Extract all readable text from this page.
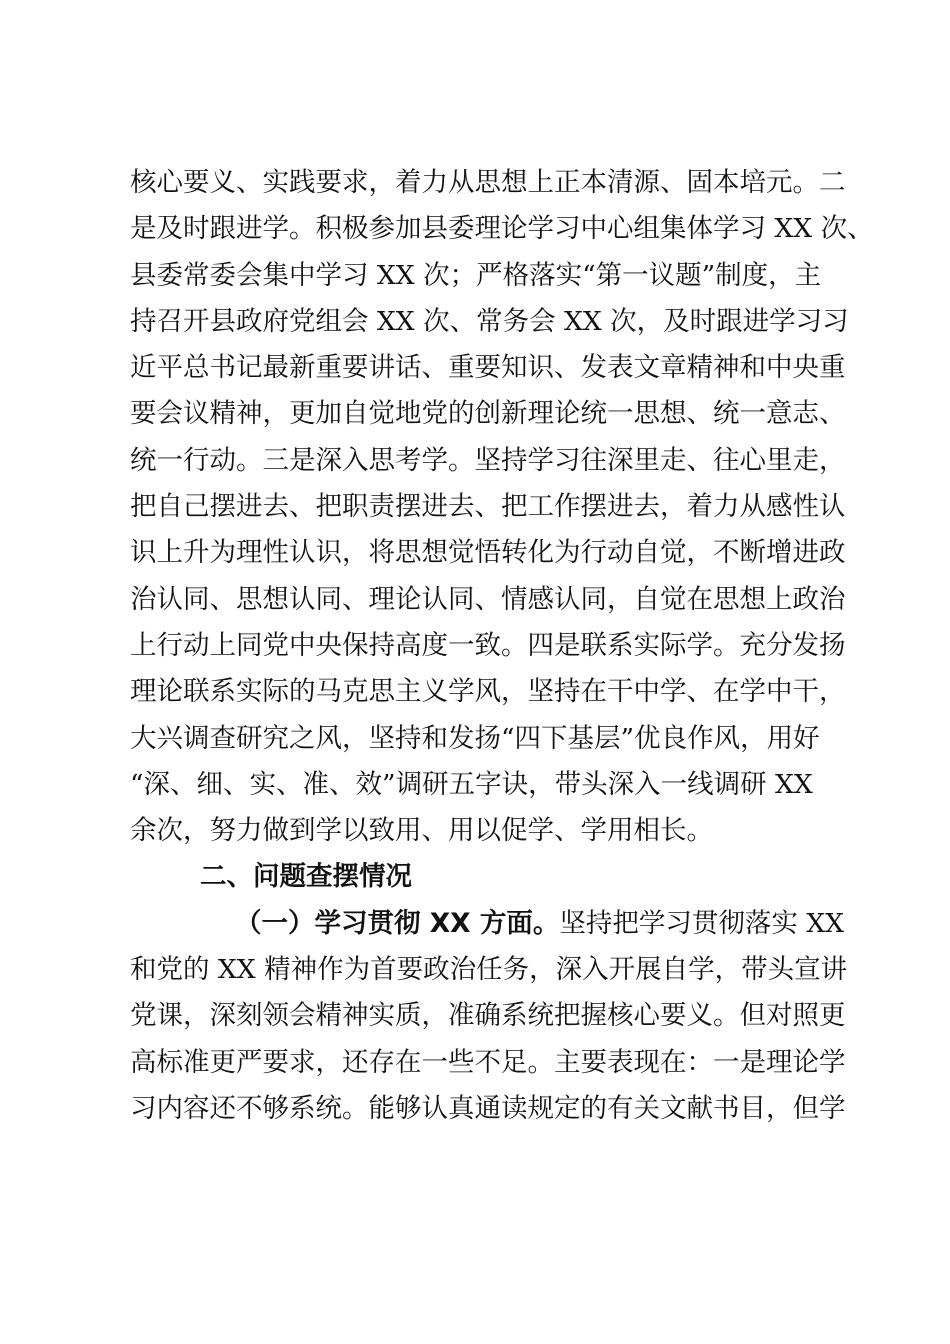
核心要义、实践要求，着力从思想上正本清源、固本培元。二
是及时跟进学。积极参加县委理论学习中心组集体学习 XX 次、
县委常委会集中学习 XX 次；严格落实“第一议题”制度，主
持召开县政府党组会 XX 次、常务会 XX 次，及时跟进学习习
近平总书记最新重要讲话、重要知识、发表文章精神和中央重
要会议精神，更加自觉地党的创新理论统一思想、统一意志、
统一行动。三是深入思考学。坚持学习往深里走、往心里走，
把自己摆进去、把职责摆进去、把工作摆进去，着力从感性认
识上升为理性认识，将思想觉悟转化为行动自觉，不断增进政
治认同、思想认同、理论认同、情感认同，自觉在思想上政治
上行动上同党中央保持高度一致。四是联系实际学。充分发扬
理论联系实际的马克思主义学风，坚持在干中学、在学中干，
大兴调查研究之风，坚持和发扬“四下基层”优良作风，用好
“深、细、实、准、效”调研五字诀，带头深入一线调研 XX
余次，努力做到学以致用、用以促学、学用相长。
二、问题查摆情况
（一）学习贯彻 XX 方面。坚持把学习贯彻落实 XX
和党的 XX 精神作为首要政治任务，深入开展自学，带头宣讲
党课，深刻领会精神实质，准确系统把握核心要义。但对照更
高标准更严要求，还存在一些不足。主要表现在：一是理论学
习内容还不够系统。能够认真通读规定的有关文献书目，但学
